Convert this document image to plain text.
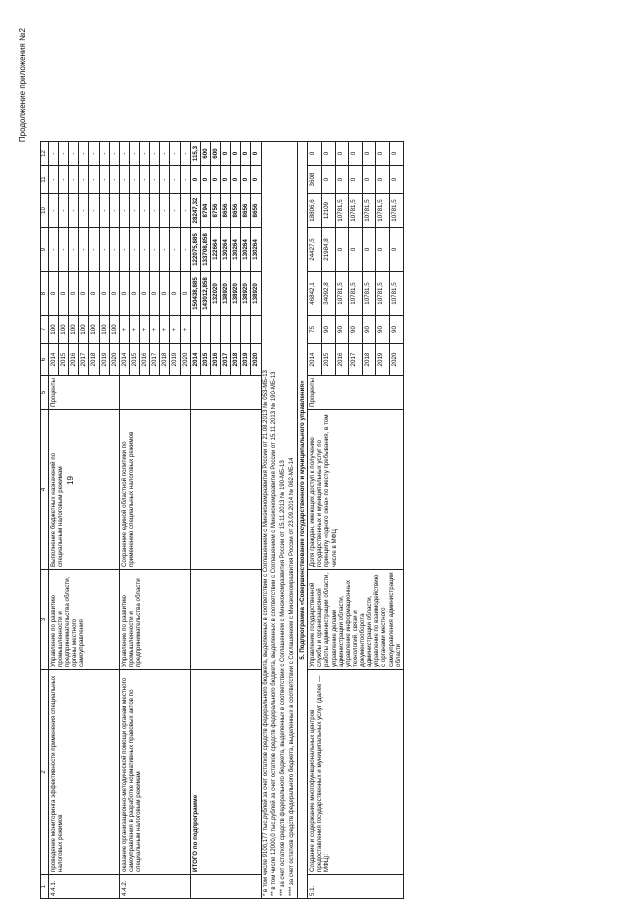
19
Продолжение приложения №2
1	2	3	4	5	6	7	8	9	10	11	12
4.4.1.	проведение мониторинга эффективности применения специальных налоговых режимов	Управление по развитию промышленности и предпринимательства области, органы местного самоуправления	Выполнение бюджетных назначений по специальным налоговым режимам	Проценты	2014	100	0	-	-	-	-
					2015	100	0	-	-	-	-
					2016	100	0	-	-	-	-
					2017	100	0	-	-	-	-
					2018	100	0	-	-	-	-
					2019	100	0	-	-	-	-
					2020	100	0	-	-	-	-
4.4.2.	оказание организационно-методической помощи органам местного самоуправления в разработке нормативных правовых актов по специальным налоговым режимам	Управление по развитию промышленности и предпринимательства области	Сохранение единой областной политики по применению специальных налоговых режимов		2014	+	0	-	-	-	-
					2015	+	0	-	-	-	-
					2016	+	0	-	-	-	-
					2017	+	0	-	-	-	-
					2018	+	0	-	-	-	-
					2019	+	0	-	-	-	-
					2020	+	0	-	-	-	-
	ИТОГО по подпрограмме				2014		150438,885	122075,885	28247,32	0	115,3
					2015		143012,858	133708,858	8794	0	600
					2016		132020	122664	8756	0	600
					2017		138920	130264	8656	0	0
					2018		138920	130264	8656	0	0
					2019		138920	130264	8656	0	0
					2020		138920	130264	8656	0	0
* в том числе 9100,177 тыс.рублей за счет остатков средств федерального бюджета, выделенных в соответствии с Соглашением с Минэкономразвития России от 21.08.2013 № 053-МБ-13											
** в том числе 12000,0 тыс.рублей за счет остатков средств федерального бюджета, выделенных в соответствии с Соглашением с Минэкономразвития России от 15.11.2013 № 190-МБ-13											
*** за счет остатков средств федерального бюджета, выделенных в соответствии с Соглашением с Минэкономразвития России от 15.11.2013 № 190-МБ-13											
**** за счет остатков средств федерального бюджета, выделенных в соответствии с Соглашением с Минэкономразвития России от 23.09.2014 № 062-МБ-14											
5. Подпрограмма «Совершенствование государственного и муниципального управления»											
5.1.	Создание и содержание многофункциональных центров предоставления государственных и муниципальных услуг (далее — МФЦ):	Управление государственной службы и организационной работы администрации области, управление делами администрации области, управление информационных технологий, связи и документооборота администрации области, управление по взаимодействию с органами местного самоуправления администрации области	Доля граждан, имеющих доступ к получению государственных и муниципальных услуг по принципу «одного окна» по месту пребывания, в том числе в МФЦ	Проценты	2014	75	46842,1	24427,5	18806,6	3608	0
					2015	90	34092,8	21984,8	12109	0	0
					2016	90	10781,5	0	10781,5	0	0
					2017	90	10781,5	0	10781,5	0	0
					2018	90	10781,5	0	10781,5	0	0
					2019	90	10781,5	0	10781,5	0	0
					2020	90	10781,5	0	10781,5	0	0
